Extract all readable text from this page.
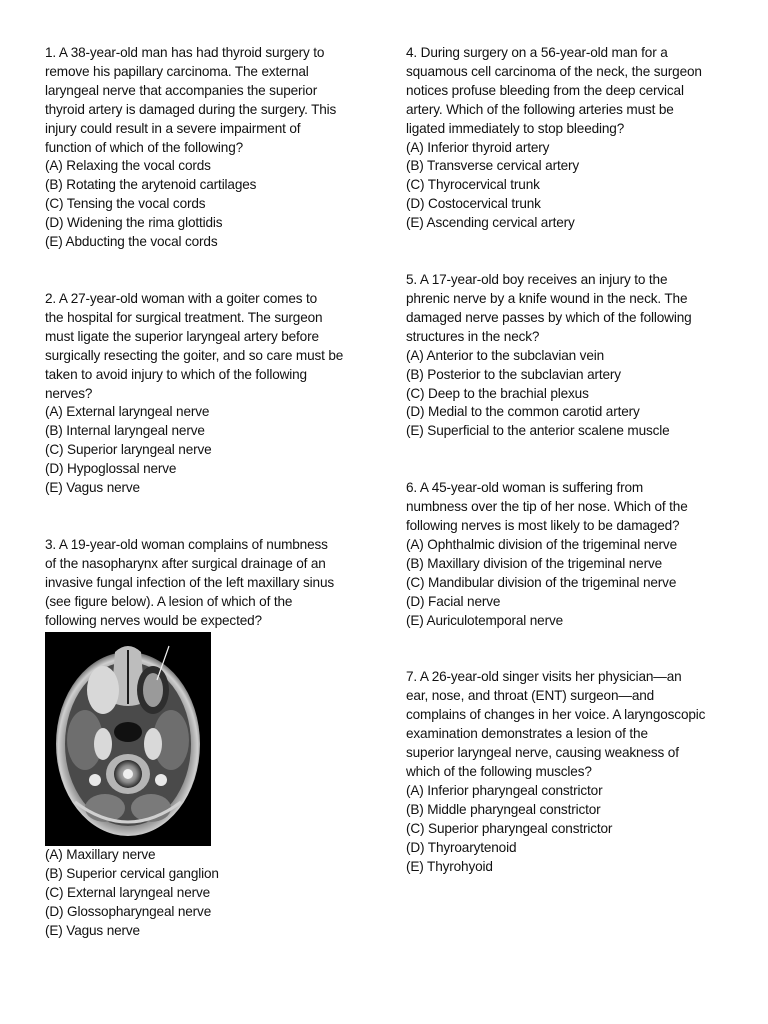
1. A 38-year-old man has had thyroid surgery to
remove his papillary carcinoma. The external
laryngeal nerve that accompanies the superior
thyroid artery is damaged during the surgery. This
injury could result in a severe impairment of
function of which of the following?
(A) Relaxing the vocal cords
(B) Rotating the arytenoid cartilages
(C) Tensing the vocal cords
(D) Widening the rima glottidis
(E) Abducting the vocal cords
2. A 27-year-old woman with a goiter comes to
the hospital for surgical treatment. The surgeon
must ligate the superior laryngeal artery before
surgically resecting the goiter, and so care must be
taken to avoid injury to which of the following
nerves?
(A) External laryngeal nerve
(B) Internal laryngeal nerve
(C) Superior laryngeal nerve
(D) Hypoglossal nerve
(E) Vagus nerve
3. A 19-year-old woman complains of numbness
of the nasopharynx after surgical drainage of an
invasive fungal infection of the left maxillary sinus
(see figure below). A lesion of which of the
following nerves would be expected?
(A) Maxillary nerve
(B) Superior cervical ganglion
(C) External laryngeal nerve
(D) Glossopharyngeal nerve
(E) Vagus nerve
4. During surgery on a 56-year-old man for a
squamous cell carcinoma of the neck, the surgeon
notices profuse bleeding from the deep cervical
artery. Which of the following arteries must be
ligated immediately to stop bleeding?
(A) Inferior thyroid artery
(B) Transverse cervical artery
(C) Thyrocervical trunk
(D) Costocervical trunk
(E) Ascending cervical artery
5. A 17-year-old boy receives an injury to the
phrenic nerve by a knife wound in the neck. The
damaged nerve passes by which of the following
structures in the neck?
(A) Anterior to the subclavian vein
(B) Posterior to the subclavian artery
(C) Deep to the brachial plexus
(D) Medial to the common carotid artery
(E) Superficial to the anterior scalene muscle
6. A 45-year-old woman is suffering from
numbness over the tip of her nose. Which of the
following nerves is most likely to be damaged?
(A) Ophthalmic division of the trigeminal nerve
(B) Maxillary division of the trigeminal nerve
(C) Mandibular division of the trigeminal nerve
(D) Facial nerve
(E) Auriculotemporal nerve
7. A 26-year-old singer visits her physician—an
ear, nose, and throat (ENT) surgeon—and
complains of changes in her voice. A laryngoscopic
examination demonstrates a lesion of the
superior laryngeal nerve, causing weakness of
which of the following muscles?
(A) Inferior pharyngeal constrictor
(B) Middle pharyngeal constrictor
(C) Superior pharyngeal constrictor
(D) Thyroarytenoid
(E) Thyrohyoid
